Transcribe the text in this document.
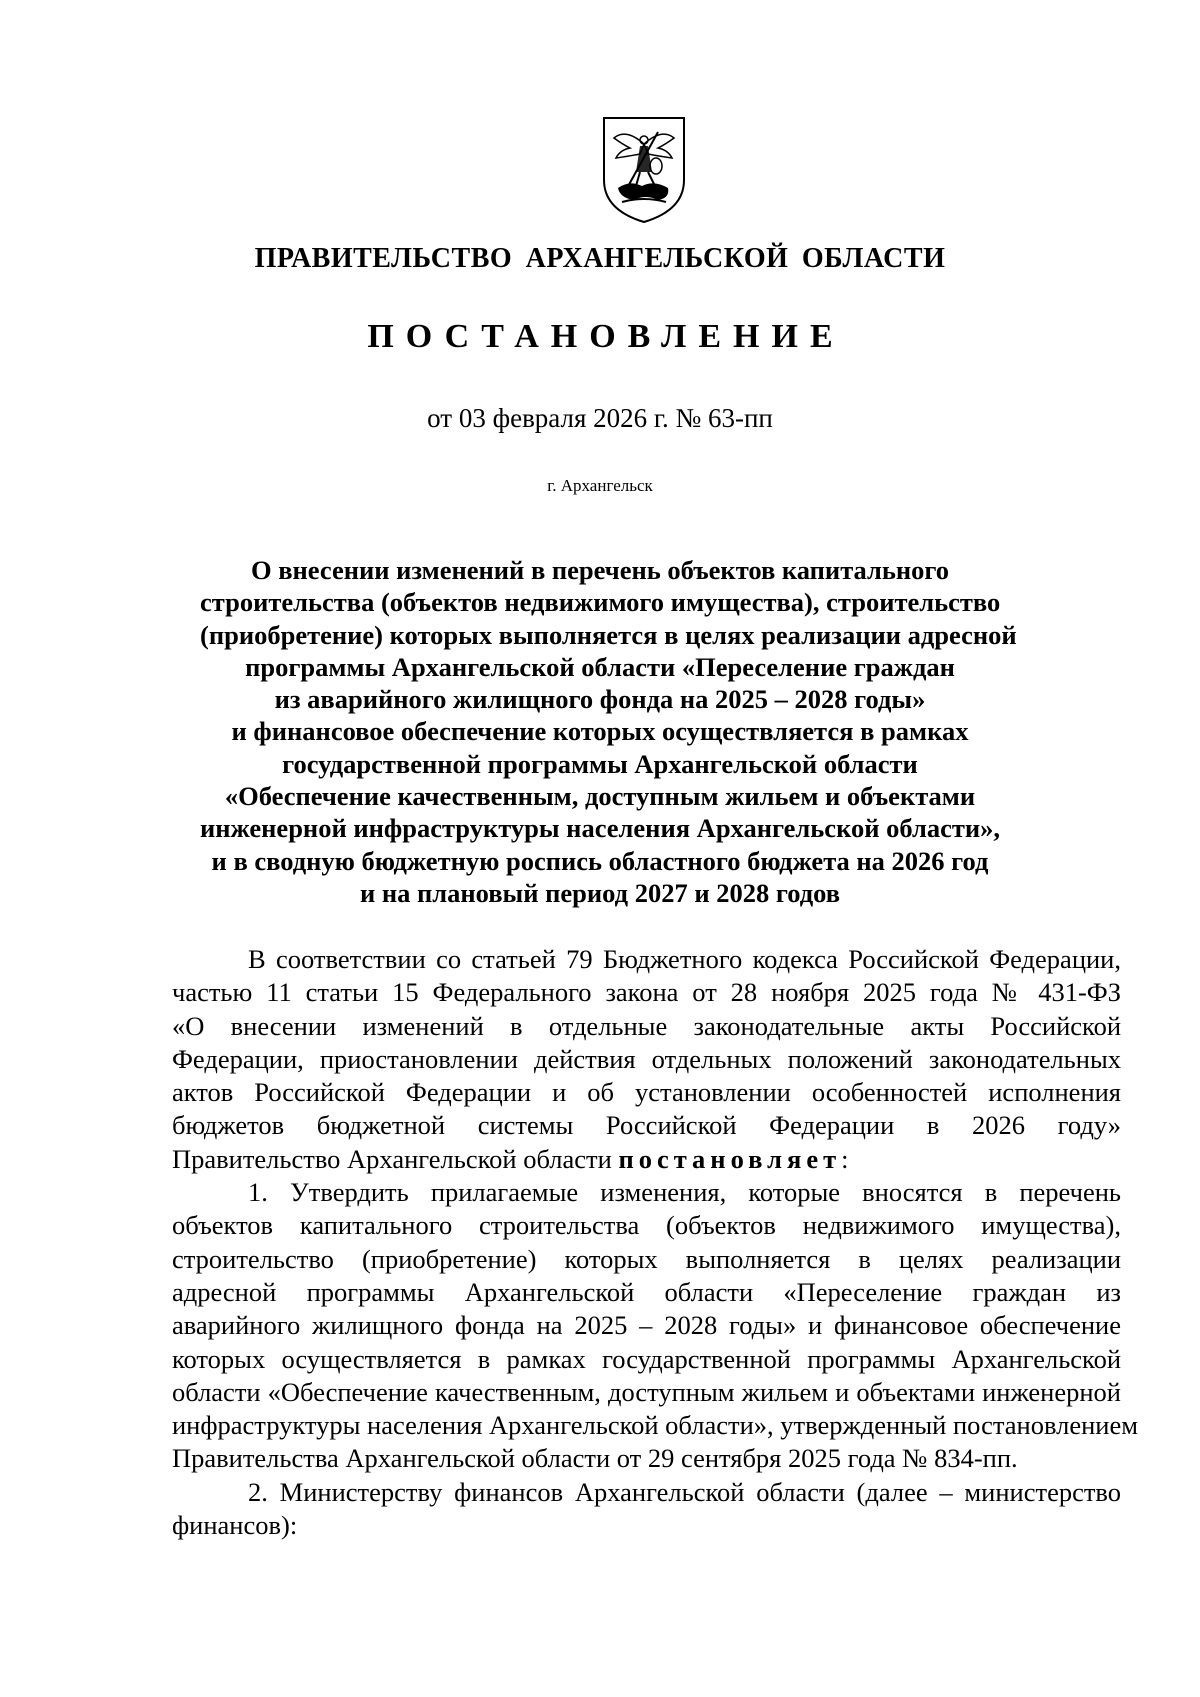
ПРАВИТЕЛЬСТВО АРХАНГЕЛЬСКОЙ ОБЛАСТИ
ПОСТАНОВЛЕНИЕ
от 03 февраля 2026 г. № 63-пп
г. Архангельск
О внесении изменений в перечень объектов капитального
строительства (объектов недвижимого имущества), строительство
(приобретение) которых выполняется в целях реализации адресной
программы Архангельской области «Переселение граждан
из аварийного жилищного фонда на 2025 – 2028 годы»
и финансовое обеспечение которых осуществляется в рамках
государственной программы Архангельской области
«Обеспечение качественным, доступным жильем и объектами
инженерной инфраструктуры населения Архангельской области»,
и в сводную бюджетную роспись областного бюджета на 2026 год
и на плановый период 2027 и 2028 годов
В соответствии со статьей 79 Бюджетного кодекса Российской Федерации,
частью 11 статьи 15 Федерального закона от 28 ноября 2025 года № 431-ФЗ
«О внесении изменений в отдельные законодательные акты Российской
Федерации, приостановлении действия отдельных положений законодательных
актов Российской Федерации и об установлении особенностей исполнения
бюджетов бюджетной системы Российской Федерации в 2026 году»
Правительство Архангельской области постановляет:
1. Утвердить прилагаемые изменения, которые вносятся в перечень
объектов капитального строительства (объектов недвижимого имущества),
строительство (приобретение) которых выполняется в целях реализации
адресной программы Архангельской области «Переселение граждан из
аварийного жилищного фонда на 2025 – 2028 годы» и финансовое обеспечение
которых осуществляется в рамках государственной программы Архангельской
области «Обеспечение качественным, доступным жильем и объектами инженерной
инфраструктуры населения Архангельской области», утвержденный постановлением
Правительства Архангельской области от 29 сентября 2025 года № 834-пп.
2. Министерству финансов Архангельской области (далее – министерство
финансов):
